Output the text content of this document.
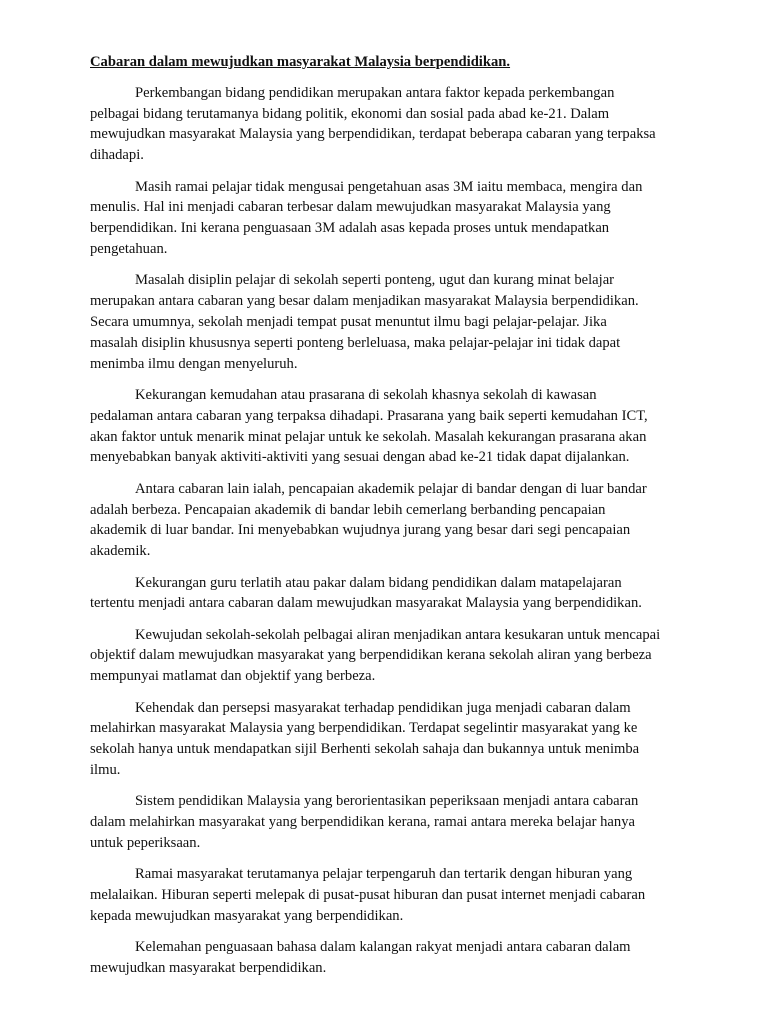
Cabaran dalam mewujudkan masyarakat Malaysia berpendidikan.
Perkembangan bidang pendidikan merupakan antara faktor kepada perkembangan
pelbagai bidang terutamanya bidang politik, ekonomi dan sosial pada abad ke-21. Dalam
mewujudkan masyarakat Malaysia yang berpendidikan, terdapat beberapa cabaran yang terpaksa
dihadapi.
Masih ramai pelajar tidak mengusai pengetahuan asas 3M iaitu membaca, mengira dan
menulis. Hal ini menjadi cabaran terbesar dalam mewujudkan masyarakat Malaysia yang
berpendidikan. Ini kerana penguasaan 3M adalah asas kepada proses untuk mendapatkan
pengetahuan.
Masalah disiplin pelajar di sekolah seperti ponteng, ugut dan kurang minat belajar
merupakan antara cabaran yang besar dalam menjadikan masyarakat Malaysia berpendidikan.
Secara umumnya, sekolah menjadi tempat pusat menuntut ilmu bagi pelajar-pelajar. Jika
masalah disiplin khususnya seperti ponteng berleluasa, maka pelajar-pelajar ini tidak dapat
menimba ilmu dengan menyeluruh.
Kekurangan kemudahan atau prasarana di sekolah khasnya sekolah di kawasan
pedalaman antara cabaran yang terpaksa dihadapi. Prasarana yang baik seperti kemudahan ICT,
akan faktor untuk menarik minat pelajar untuk ke sekolah. Masalah kekurangan prasarana akan
menyebabkan banyak aktiviti-aktiviti yang sesuai dengan abad ke-21 tidak dapat dijalankan.
Antara cabaran lain ialah, pencapaian akademik pelajar di bandar dengan di luar bandar
adalah berbeza. Pencapaian akademik di bandar lebih cemerlang berbanding pencapaian
akademik di luar bandar. Ini menyebabkan wujudnya jurang yang besar dari segi pencapaian
akademik.
Kekurangan guru terlatih atau pakar dalam bidang pendidikan dalam matapelajaran
tertentu menjadi antara cabaran dalam mewujudkan masyarakat Malaysia yang berpendidikan.
Kewujudan sekolah-sekolah pelbagai aliran menjadikan antara kesukaran untuk mencapai
objektif dalam mewujudkan masyarakat yang berpendidikan kerana sekolah aliran yang berbeza
mempunyai matlamat dan objektif yang berbeza.
Kehendak dan persepsi masyarakat terhadap pendidikan juga menjadi cabaran dalam
melahirkan masyarakat Malaysia yang berpendidikan. Terdapat segelintir masyarakat yang ke
sekolah hanya untuk mendapatkan sijil Berhenti sekolah sahaja dan bukannya untuk menimba
ilmu.
Sistem pendidikan Malaysia yang berorientasikan peperiksaan menjadi antara cabaran
dalam melahirkan masyarakat yang berpendidikan kerana, ramai antara mereka belajar hanya
untuk peperiksaan.
Ramai masyarakat terutamanya pelajar terpengaruh dan tertarik dengan hiburan yang
melalaikan. Hiburan seperti melepak di pusat-pusat hiburan dan pusat internet menjadi cabaran
kepada mewujudkan masyarakat yang berpendidikan.
Kelemahan penguasaan bahasa dalam kalangan rakyat menjadi antara cabaran dalam
mewujudkan masyarakat berpendidikan.
